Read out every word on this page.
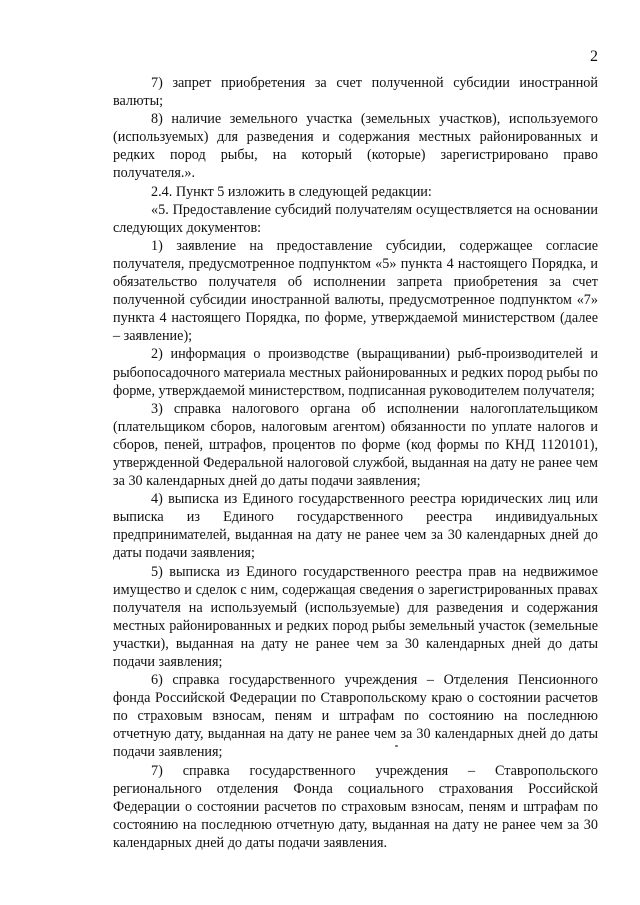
2

7) запрет приобретения за счет полученной субсидии иностранной валюты;

8) наличие земельного участка (земельных участков), используемого (используемых) для разведения и содержания местных районированных и редких пород рыбы, на который (которые) зарегистрировано право получателя.».

2.4. Пункт 5 изложить в следующей редакции:

«5. Предоставление субсидий получателям осуществляется на основании следующих документов:

1) заявление на предоставление субсидии, содержащее согласие получателя, предусмотренное подпунктом «5» пункта 4 настоящего Порядка, и обязательство получателя об исполнении запрета приобретения за счет полученной субсидии иностранной валюты, предусмотренное подпунктом «7» пункта 4 настоящего Порядка, по форме, утверждаемой министерством (далее – заявление);

2) информация о производстве (выращивании) рыб-производителей и рыбопосадочного материала местных районированных и редких пород рыбы по форме, утверждаемой министерством, подписанная руководителем получателя;

3) справка налогового органа об исполнении налогоплательщиком (плательщиком сборов, налоговым агентом) обязанности по уплате налогов и сборов, пеней, штрафов, процентов по форме (код формы по КНД 1120101), утвержденной Федеральной налоговой службой, выданная на дату не ранее чем за 30 календарных дней до даты подачи заявления;

4) выписка из Единого государственного реестра юридических лиц или выписка из Единого государственного реестра индивидуальных предпринимателей, выданная на дату не ранее чем за 30 календарных дней до даты подачи заявления;

5) выписка из Единого государственного реестра прав на недвижимое имущество и сделок с ним, содержащая сведения о зарегистрированных правах получателя на используемый (используемые) для разведения и содержания местных районированных и редких пород рыбы земельный участок (земельные участки), выданная на дату не ранее чем за 30 календарных дней до даты подачи заявления;

6) справка государственного учреждения – Отделения Пенсионного фонда Российской Федерации по Ставропольскому краю о состоянии расчетов по страховым взносам, пеням и штрафам по состоянию на последнюю отчетную дату, выданная на дату не ранее чем за 30 календарных дней до даты подачи заявления;

7) справка государственного учреждения – Ставропольского регионального отделения Фонда социального страхования Российской Федерации о состоянии расчетов по страховым взносам, пеням и штрафам по состоянию на последнюю отчетную дату, выданная на дату не ранее чем за 30 календарных дней до даты подачи заявления.
